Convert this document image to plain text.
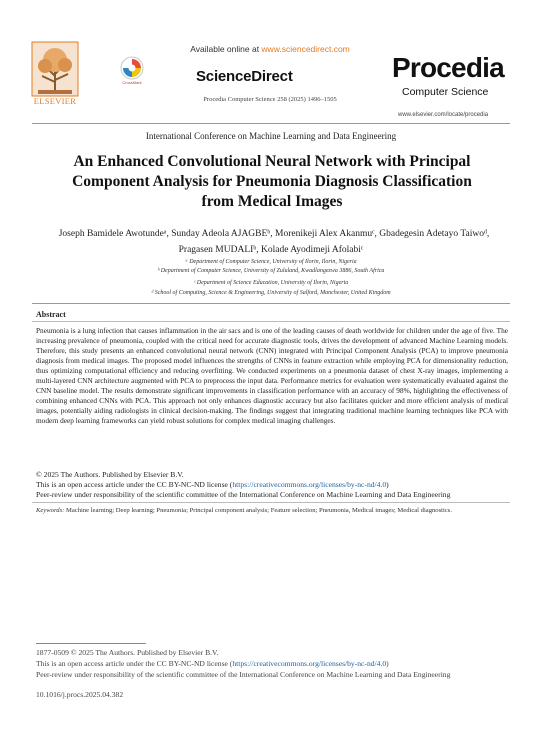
ELSEVIER
Available online at www.sciencedirect.com
CrossMark	ScienceDirect
Procedia Computer Science 258 (2025) 1496–1505
Procedia
Computer Science
www.elsevier.com/locate/procedia
International Conference on Machine Learning and Data Engineering
An Enhanced Convolutional Neural Network with Principal Component Analysis for Pneumonia Diagnosis Classification from Medical Images
Joseph Bamidele Awotundeᵃ, Sunday Adeola AJAGBEᵇ, Morenikeji Alex Akanmuᶜ, Gbadegesin Adetayo Taiwoᵈ,
Pragasen MUDALIᵇ, Kolade Ayodimeji Afolabiᶜ
ᵃ Department of Computer Science, University of Ilorin, Ilorin, Nigeria
ᵇ Department of Computer Science, University of Zululand, Kwadlangezwa 3886, South Africa
ᶜ Department of Science Education, University of Ilorin, Nigeria
ᵈ School of Computing, Science & Engineering, University of Salford, Manchester, United Kingdom
Abstract
Pneumonia is a lung infection that causes inflammation in the air sacs and is one of the leading causes of death worldwide for children under the age of five. The increasing prevalence of pneumonia, coupled with the critical need for accurate diagnostic tools, drives the development of advanced Machine Learning models. Therefore, this study presents an enhanced convolutional neural network (CNN) integrated with Principal Component Analysis (PCA) to improve pneumonia diagnosis from medical images. The proposed model influences the strengths of CNNs in feature extraction while employing PCA for dimensionality reduction, thus optimizing computational efficiency and reducing overfitting. We conducted experiments on a pneumonia dataset of chest X-ray images, implementing a multi-layered CNN architecture augmented with PCA to preprocess the input data. Performance metrics for evaluation were systematically evaluated against the CNN baseline model. The results demonstrate significant improvements in classification performance with an accuracy of 98%, highlighting the effectiveness of combining enhanced CNNs with PCA. This approach not only enhances diagnostic accuracy but also facilitates quicker and more efficient analysis of medical images, potentially aiding radiologists in clinical decision-making. The findings suggest that integrating traditional machine learning techniques like PCA with modern deep learning frameworks can yield robust solutions for complex medical imaging challenges.
© 2025 The Authors. Published by Elsevier B.V.
This is an open access article under the CC BY-NC-ND license (https://creativecommons.org/licenses/by-nc-nd/4.0)
Peer-review under responsibility of the scientific committee of the International Conference on Machine Learning and Data Engineering
Keywords: Machine learning; Deep learning; Pneumonia; Principal component analysis; Feature selection; Pneumonia, Medical images; Medical diagnostics.
1877-0509 © 2025 The Authors. Published by Elsevier B.V.
This is an open access article under the CC BY-NC-ND license (https://creativecommons.org/licenses/by-nc-nd/4.0)
Peer-review under responsibility of the scientific committee of the International Conference on Machine Learning and Data Engineering
10.1016/j.procs.2025.04.382
